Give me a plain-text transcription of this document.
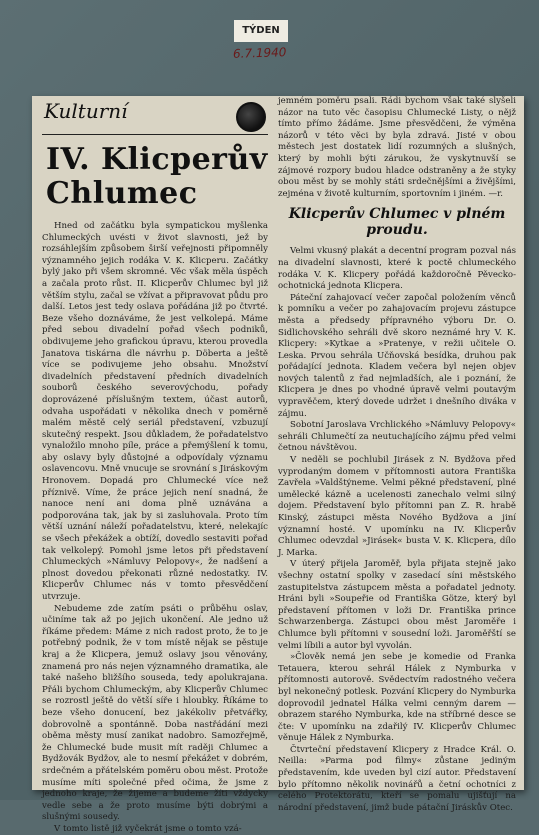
TÝDEN
6.7.1940
Kulturní
IV. Klicperův Chlumec

Hned od začátku byla sympatickou myšlenka Chlumeckých uvésti v život slavnosti, jež by rozsáhlejším způsobem širší veřejnosti připomněly významného jejich rodáka V. K. Klicperu. Začátky bylý jako při všem skromné. Věc však měla úspěch a začala proto růst. II. Klicperův Chlumec byl již větším stylu, začal se vžívat a připravovat půdu pro další. Letos jest tedy oslava pořádána již po čtvrté. Beze všeho doznáváme, že jest velkolepá. Máme před sebou divadelní pořad všech podniků, obdivujeme jeho grafickou úpravu, kterou provedla Janatova tiskárna dle návrhu p. Döberta a ještě více se podivujeme jeho obsahu. Množství divadelních představení předních divadelních souborů českého severovýchodu, pořady doprovázené příslušným textem, účast autorů, odvaha uspořádati v několika dnech v poměrně malém městě celý seriál představení, vzbuzují skutečný respekt. Jsou důkladem, že pořadatelstvo vynaložilo mnoho píle, práce a přemýšlení k tomu, aby oslavy byly důstojné a odpovídaly významu oslavencovu. Mně vnucuje se srovnání s Jiráskovým Hronovem. Dopadá pro Chlumecké více než příznivě. Víme, že práce jejich není snadná, že nanoce není ani doma plně uznávána a podporována tak, jak by si zasluhovala. Proto tím větší uznání náleží pořadatelstvu, které, nelekajíc se všech překážek a obtíží, dovedlo sestaviti pořad tak velkolepý. Pomohl jsme letos při představení Chlumeckých »Námluvy Pelopovy«, že nadšení a plnost dovedou překonati různé nedostatky. IV. Klicperův Chlumec nás v tomto přesvědčení utvrzuje.

Nebudeme zde zatím psáti o průběhu oslav, učiníme tak až po jejich ukončení. Ale jedno už říkáme předem: Máme z nich radost proto, že to je potřebný podnik, že v tom místě nějak se pěstuje kraj a že Klicpera, jemuž oslavy jsou věnovány, znamená pro nás nejen významného dramatika, ale také našeho bližšího souseda, tedy apolukrajana. Přáli bychom Chlumeckým, aby Klicperův Chlumec se rozrostl ještě do větší síře i hloubky. Říkáme to beze všeho donucení, bez jakékoliv přetvářky, dobrovolně a spontánně. Doba nastřádání mezi oběma městy musí zanikat nadobro. Samozřejmě, že Chlumecké bude musit mít raději Chlumec a Bydžovák Bydžov, ale to nesmí překážet v dobrém, srdečném a přátelském poměru obou měst. Protože musíme míti společné před očima, že jsme z jednoho kraje, že žijeme a budeme žíti vždycky vedle sebe a že proto musíme býti dobrými a slušnými sousedy.

V tomto listě již vyčekrát jsme o tomto vzá-

jemném poměru psali. Rádi bychom však také slyšeli názor na tuto věc časopisu Chlumecké Listy, o nějž tímto přímo žádáme. Jsme přesvědčeni, že výměna názorů v této věci by byla zdravá. Jisté v obou městech jest dostatek lidí rozumných a slušných, který by mohli býti zárukou, že vyskytnuvší se zájmové rozpory budou hladce odstraněny a že styky obou měst by se mohly státi srdečnějšími a živějšími, zejména v životě kulturním, sportovním i jiném. —r.

Klicperův Chlumec v plném proudu.

Velmi vkusný plakát a decentní program pozval nás na divadelní slavnosti, které k poctě chlumeckého rodáka V. K. Klicpery pořádá každoročně Pěvecko-ochotnická jednota Klicpera.

Páteční zahajovací večer započal položením věnců k pomníku a večer po zahajovacím projevu zástupce města a předsedy přípravného výboru Dr. O. Sidlichovského sehráli dvě skoro neznámé hry V. K. Klicpery: »Kytkae a »Pratenye, v režii učitele O. Leska. Prvou sehrála Učňovská besídka, druhou pak pořádající jednota. Kladem večera byl nejen objev nových talentů z řad nejmladších, ale i poznání, že Klicpera je dnes po vhodné úpravě velmi poutavým vypravěčem, který dovede udržet i dnešního diváka v zájmu.

Sobotní Jaroslava Vrchlického »Námluvy Pelopovy« sehráli Chlumečtí za neutuchajícího zájmu před velmi četnou návštěvou.

V neděli se pochlubil Jirásek z N. Bydžova před vyprodaným domem v přítomnosti autora Františka Zavřela »Valdštýneme. Velmi pěkné představení, plné umělecké kázně a ucelenosti zanechalo velmi silný dojem. Představení bylo přítomni pan Z. R. hrabě Kinský, zástupci města Nového Bydžova a jiní významní hosté. V upomínku na IV. Klicperův Chlumec odevzdal »Jirásek« busta V. K. Klicpera, dílo J. Marka.

V úterý přijela Jaroměř, byla přijata stejně jako všechny ostatní spolky v zasedací síni městského zastupitelstva zástupcem města a pořadatel jednoty. Hráni byli »Soupeřie od Františka Götze, který byl představení přítomen v loži Dr. Františka prince Schwarzenberga. Zástupci obou měst Jaroměře i Chlumce byli přítomni v sousední loži. Jaroměřští se velmi líbili a autor byl vyvolán.

»Člověk nemá jen sebe je komedie od Franka Tetauera, kterou sehrál Hálek z Nymburka v přítomnosti autorově. Svědectvím radostného večera byl nekonečný potlesk. Pozvání Klicpery do Nymburka doprovodil jednatel Hálka velmi cenným darem — obrazem starého Nymburka, kde na stříbrné desce se čte: V upomínku na zdařilý IV. Klicperův Chlumec věnuje Hálek z Nymburka.

Čtvrteční představení Klicpery z Hradce Král. O. Neilla: »Parma pod filmy« zůstane jediným představením, kde uveden byl cizí autor. Představení bylo přítomno několik novinářů a četní ochotníci z celého Protektorátu, kteří se pomalu ujišťují na národní představení, jimž bude pátační Jiráskův Otec.
